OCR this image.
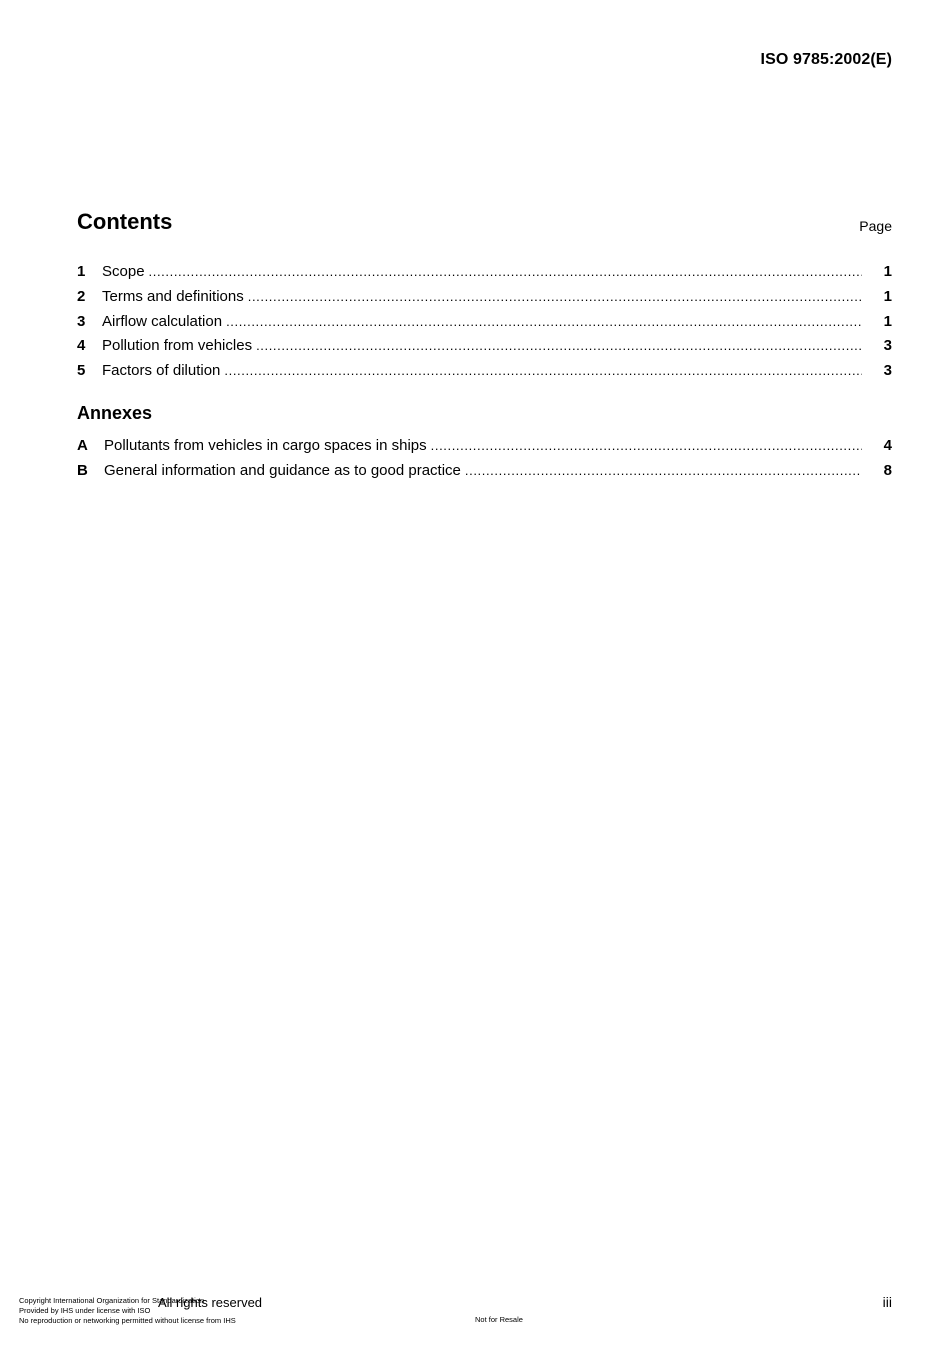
ISO 9785:2002(E)
Contents	Page
1	Scope .....	1
2	Terms and definitions .....	1
3	Airflow calculation .....	1
4	Pollution from vehicles .....	3
5	Factors of dilution .....	3
Annexes
A	Pollutants from vehicles in cargo spaces in ships .....	4
B	General information and guidance as to good practice .....	8
All rights reserved
Copyright International Organization for Standardization
Provided by IHS under license with ISO
No reproduction or networking permitted without license from IHS	Not for Resale
iii
